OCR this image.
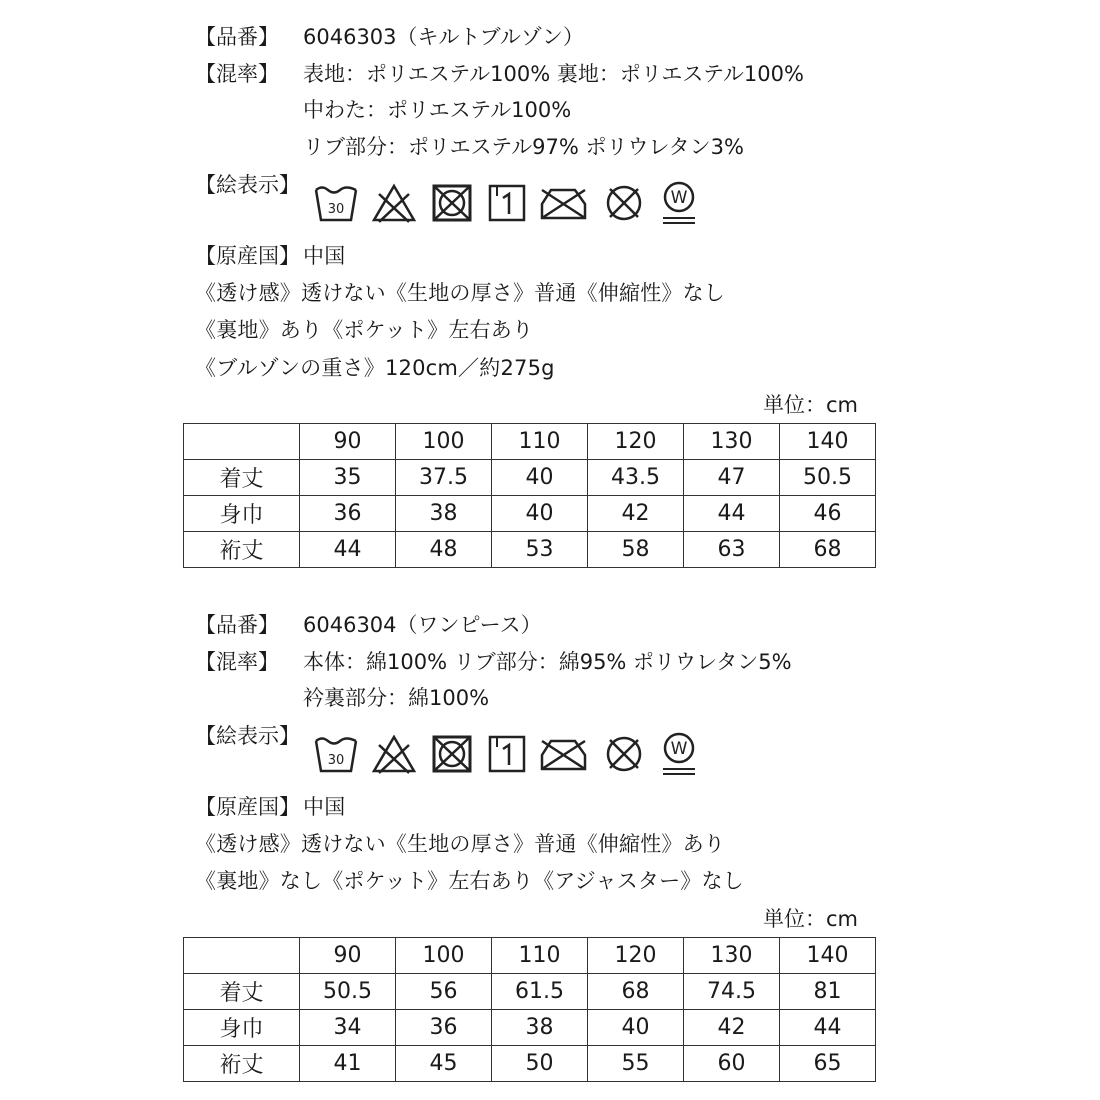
【品番】 6046303（キルトブルゾン）
【混率】 表地：ポリエステル100% 裏地：ポリエステル100%
中わた：ポリエステル100%
リブ部分：ポリエステル97% ポリウレタン3%
【絵表示】
30
W
【原産国】 中国
《透け感》透けない《生地の厚さ》普通《伸縮性》なし
《裏地》あり《ポケット》左右あり
《ブルゾンの重さ》120cm／約275g
単位：cm
	90	100	110	120	130	140
着丈	35	37.5	40	43.5	47	50.5
身巾	36	38	40	42	44	46
裄丈	44	48	53	58	63	68
【品番】 6046304（ワンピース）
【混率】 本体：綿100% リブ部分：綿95% ポリウレタン5%
衿裏部分：綿100%
【絵表示】
30
W
【原産国】 中国
《透け感》透けない《生地の厚さ》普通《伸縮性》あり
《裏地》なし《ポケット》左右あり《アジャスター》なし
単位：cm
	90	100	110	120	130	140
着丈	50.5	56	61.5	68	74.5	81
身巾	34	36	38	40	42	44
裄丈	41	45	50	55	60	65
